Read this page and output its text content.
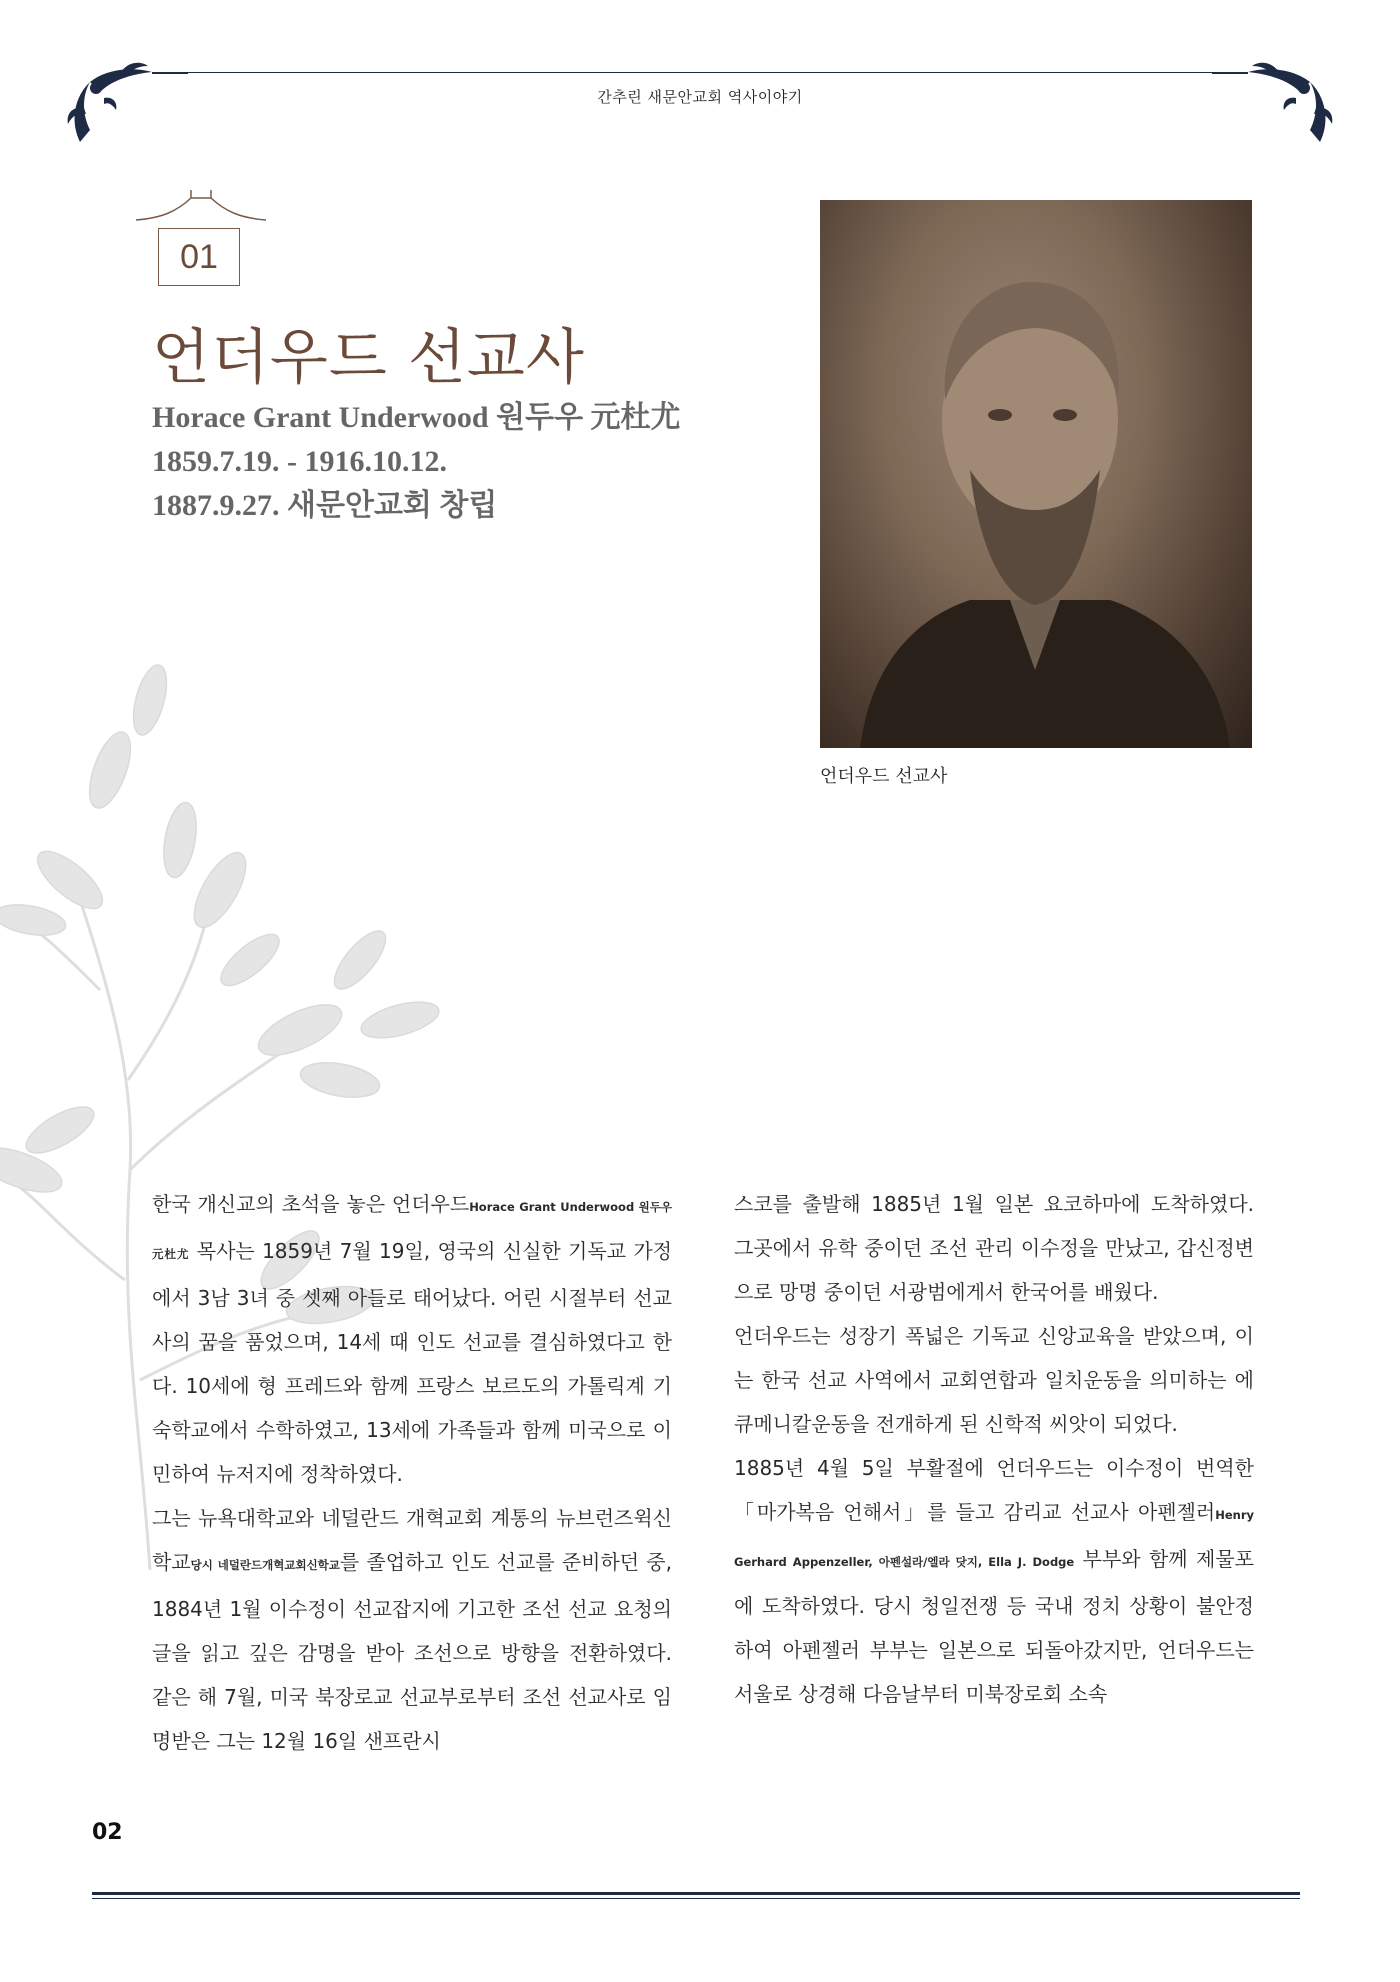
간추린 새문안교회 역사이야기
01
언더우드 선교사
Horace Grant Underwood 원두우 元杜尤
1859.7.19. - 1916.10.12.
1887.9.27. 새문안교회 창립
언더우드 선교사

한국 개신교의 초석을 놓은 언더우드Horace Grant Underwood 원두우 元杜尤 목사는 1859년 7월 19일, 영국의 신실한 기독교 가정에서 3남 3녀 중 셋째 아들로 태어났다. 어린 시절부터 선교사의 꿈을 품었으며, 14세 때 인도 선교를 결심하였다고 한다. 10세에 형 프레드와 함께 프랑스 보르도의 가톨릭계 기숙학교에서 수학하였고, 13세에 가족들과 함께 미국으로 이민하여 뉴저지에 정착하였다.

그는 뉴욕대학교와 네덜란드 개혁교회 계통의 뉴브런즈윅신학교당시 네덜란드개혁교회신학교를 졸업하고 인도 선교를 준비하던 중, 1884년 1월 이수정이 선교잡지에 기고한 조선 선교 요청의 글을 읽고 깊은 감명을 받아 조선으로 방향을 전환하였다. 같은 해 7월, 미국 북장로교 선교부로부터 조선 선교사로 임명받은 그는 12월 16일 샌프란시

스코를 출발해 1885년 1월 일본 요코하마에 도착하였다. 그곳에서 유학 중이던 조선 관리 이수정을 만났고, 갑신정변으로 망명 중이던 서광범에게서 한국어를 배웠다.

언더우드는 성장기 폭넓은 기독교 신앙교육을 받았으며, 이는 한국 선교 사역에서 교회연합과 일치운동을 의미하는 에큐메니칼운동을 전개하게 된 신학적 씨앗이 되었다.

1885년 4월 5일 부활절에 언더우드는 이수정이 번역한 「마가복음 언해서」를 들고 감리교 선교사 아펜젤러Henry Gerhard Appenzeller, 아펜설라/엘라 닷지, Ella J. Dodge 부부와 함께 제물포에 도착하였다. 당시 청일전쟁 등 국내 정치 상황이 불안정하여 아펜젤러 부부는 일본으로 되돌아갔지만, 언더우드는 서울로 상경해 다음날부터 미북장로회 소속

02
